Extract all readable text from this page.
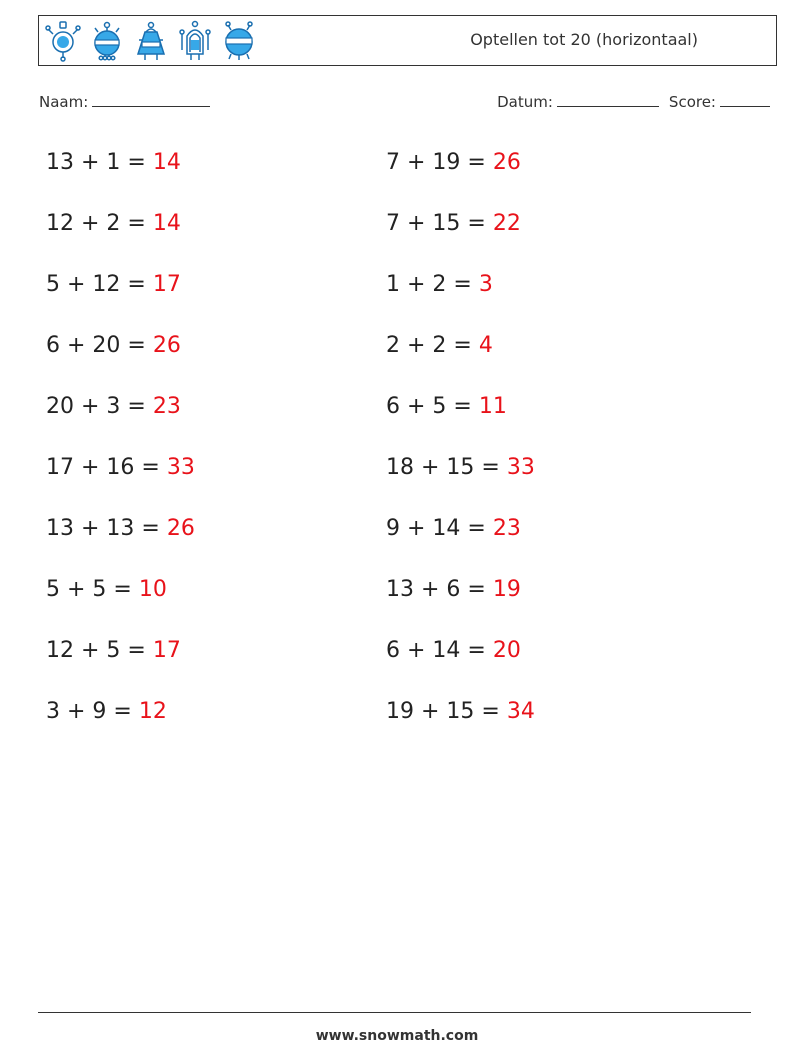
Optellen tot 20 (horizontaal)
Naam:	Datum:	Score:
13 + 1 = 14	7 + 19 = 26
12 + 2 = 14	7 + 15 = 22
5 + 12 = 17	1 + 2 = 3
6 + 20 = 26	2 + 2 = 4
20 + 3 = 23	6 + 5 = 11
17 + 16 = 33	18 + 15 = 33
13 + 13 = 26	9 + 14 = 23
5 + 5 = 10	13 + 6 = 19
12 + 5 = 17	6 + 14 = 20
3 + 9 = 12	19 + 15 = 34
www.snowmath.com
